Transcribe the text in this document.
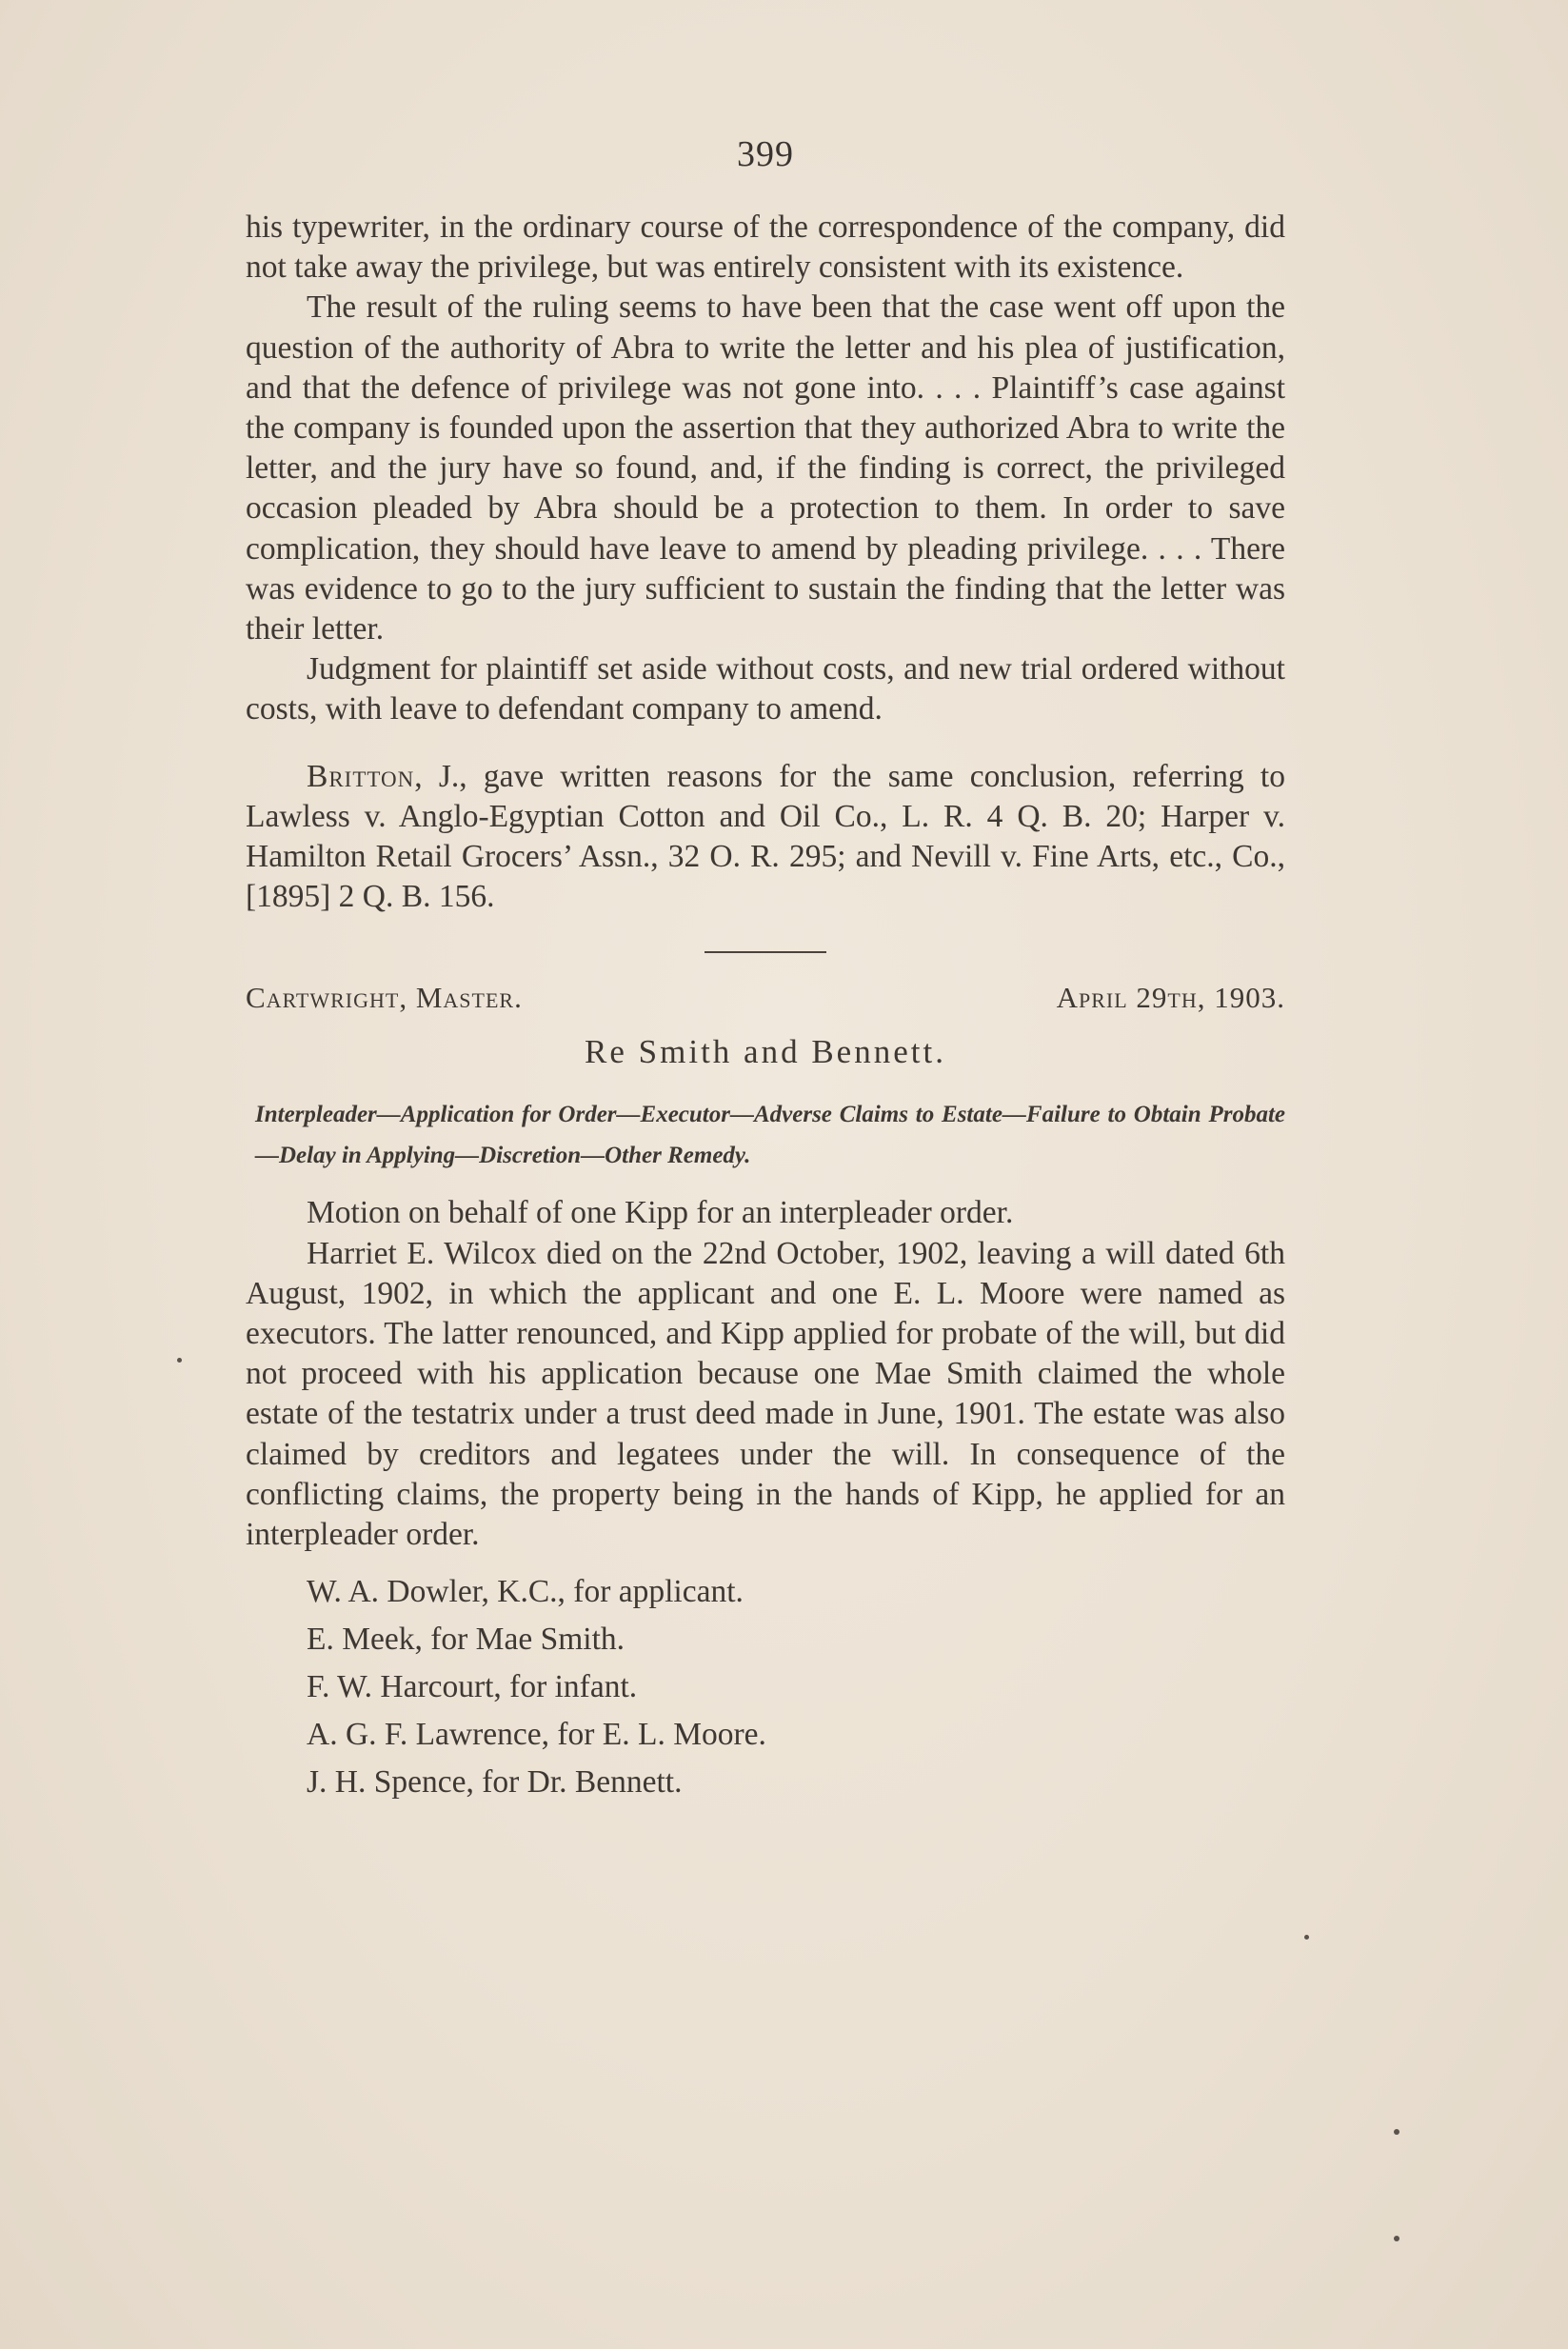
399

his typewriter, in the ordinary course of the correspondence of the company, did not take away the privilege, but was entirely consistent with its existence.

The result of the ruling seems to have been that the case went off upon the question of the authority of Abra to write the letter and his plea of justification, and that the defence of privilege was not gone into. . . . Plaintiff’s case against the company is founded upon the assertion that they authorized Abra to write the letter, and the jury have so found, and, if the finding is correct, the privileged occasion pleaded by Abra should be a protection to them. In order to save complication, they should have leave to amend by pleading privilege. . . . There was evidence to go to the jury sufficient to sustain the finding that the letter was their letter.

Judgment for plaintiff set aside without costs, and new trial ordered without costs, with leave to defendant company to amend.

Britton, J., gave written reasons for the same conclusion, referring to Lawless v. Anglo-Egyptian Cotton and Oil Co., L. R. 4 Q. B. 20; Harper v. Hamilton Retail Grocers’ Assn., 32 O. R. 295; and Nevill v. Fine Arts, etc., Co., [1895] 2 Q. B. 156.

Cartwright, Master.	April 29th, 1903.
Re Smith and Bennett.
Interpleader—Application for Order—Executor—Adverse Claims to Estate—Failure to Obtain Probate—Delay in Applying—Discretion—Other Remedy.

Motion on behalf of one Kipp for an interpleader order.

Harriet E. Wilcox died on the 22nd October, 1902, leaving a will dated 6th August, 1902, in which the applicant and one E. L. Moore were named as executors. The latter renounced, and Kipp applied for probate of the will, but did not proceed with his application because one Mae Smith claimed the whole estate of the testatrix under a trust deed made in June, 1901. The estate was also claimed by creditors and legatees under the will. In consequence of the conflicting claims, the property being in the hands of Kipp, he applied for an interpleader order.

W. A. Dowler, K.C., for applicant.

E. Meek, for Mae Smith.

F. W. Harcourt, for infant.

A. G. F. Lawrence, for E. L. Moore.

J. H. Spence, for Dr. Bennett.
